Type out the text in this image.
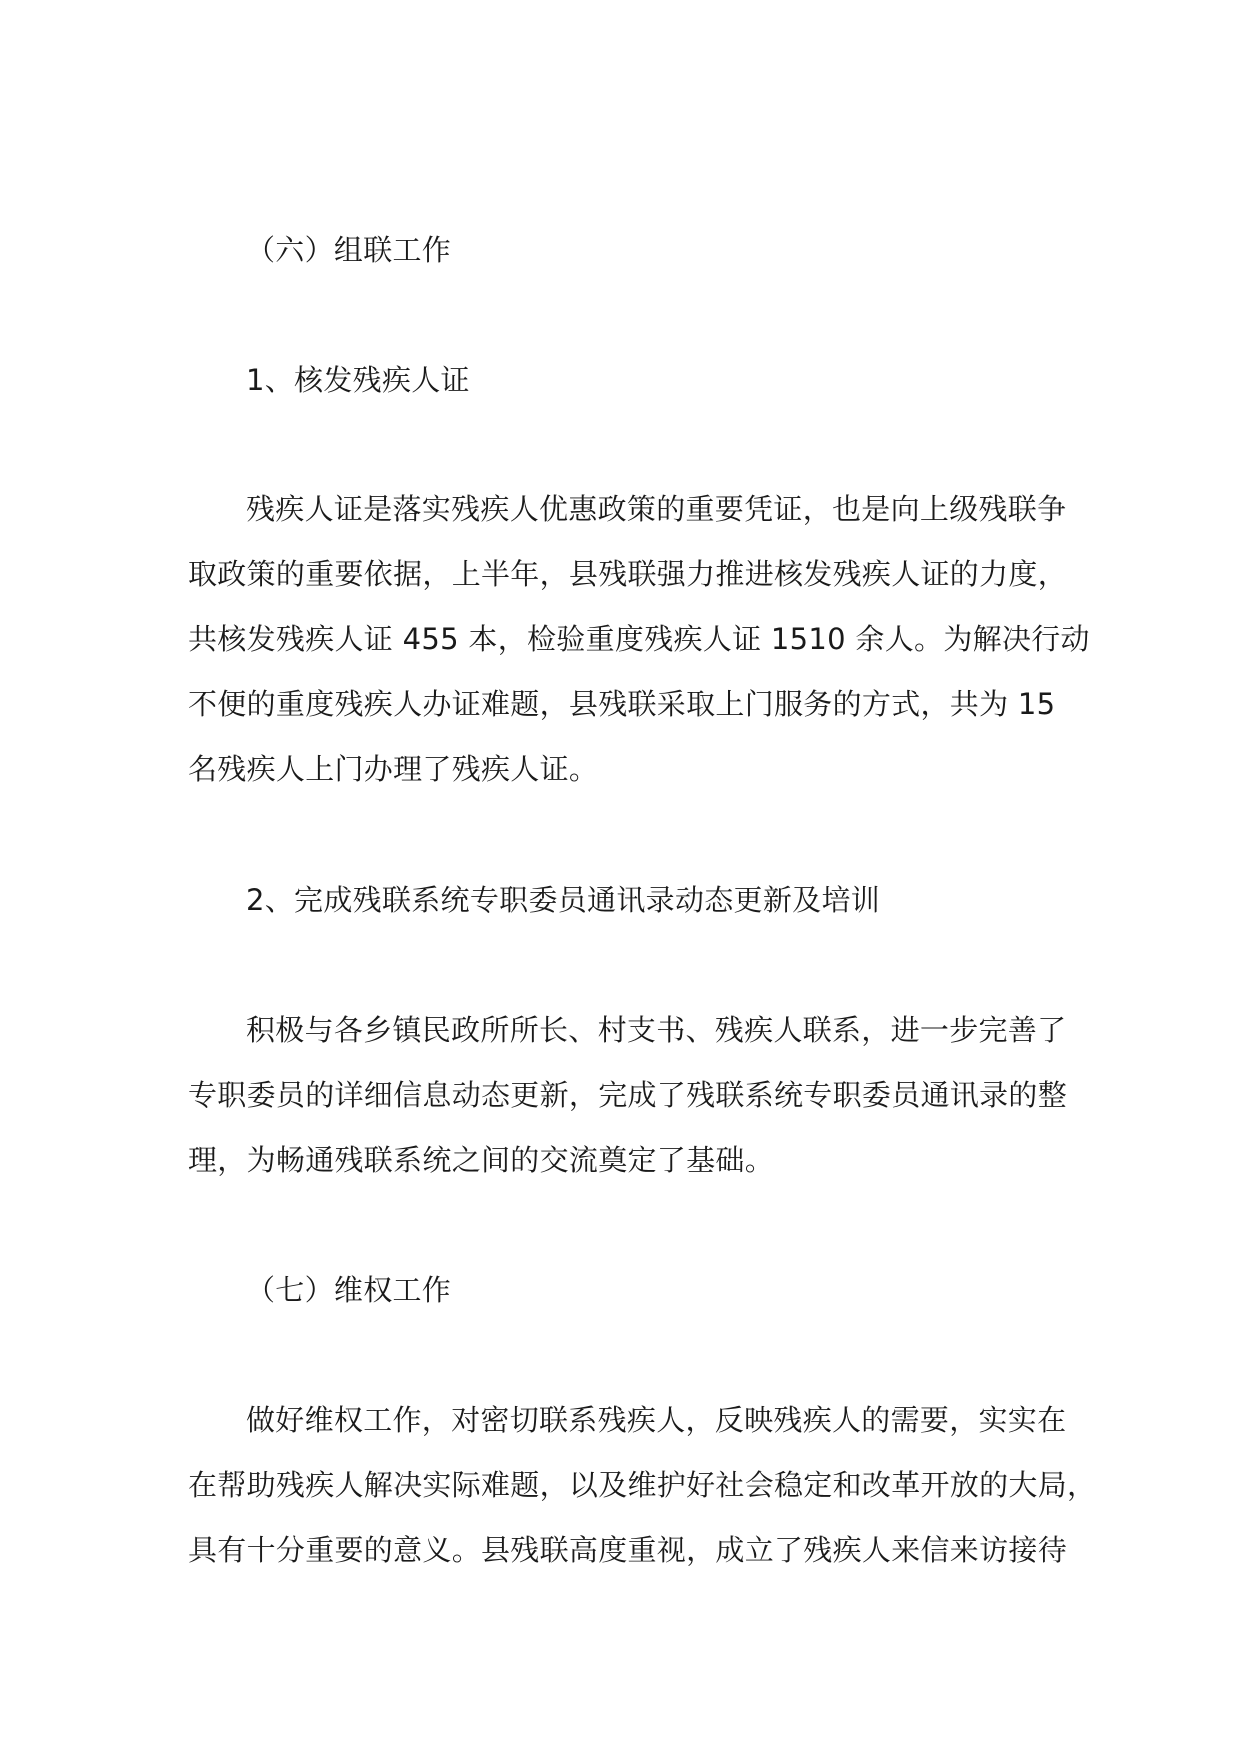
（六）组联工作
1、核发残疾人证
残疾人证是落实残疾人优惠政策的重要凭证，也是向上级残联争
取政策的重要依据，上半年，县残联强力推进核发残疾人证的力度，
共核发残疾人证 455 本，检验重度残疾人证 1510 余人。为解决行动
不便的重度残疾人办证难题，县残联采取上门服务的方式，共为 15
名残疾人上门办理了残疾人证。
2、完成残联系统专职委员通讯录动态更新及培训
积极与各乡镇民政所所长、村支书、残疾人联系，进一步完善了
专职委员的详细信息动态更新，完成了残联系统专职委员通讯录的整
理，为畅通残联系统之间的交流奠定了基础。
（七）维权工作
做好维权工作，对密切联系残疾人，反映残疾人的需要，实实在
在帮助残疾人解决实际难题，以及维护好社会稳定和改革开放的大局，
具有十分重要的意义。县残联高度重视，成立了残疾人来信来访接待
